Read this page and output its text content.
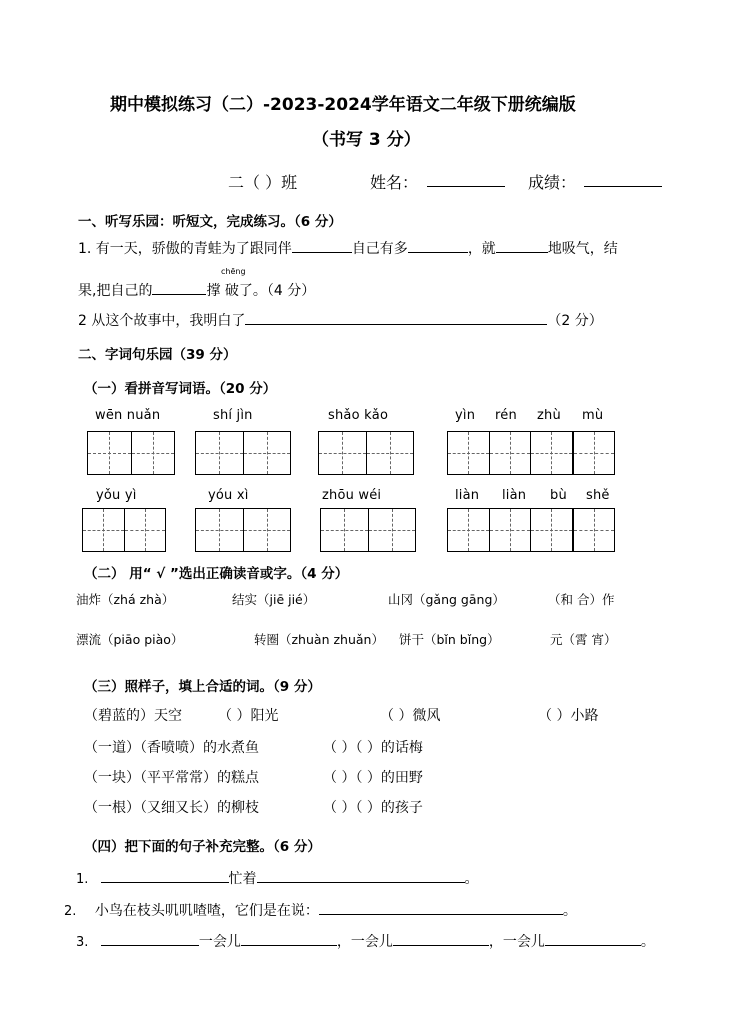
期中模拟练习（二）-2023-2024学年语文二年级下册统编版
（书写 3 分）
二（ ）班	姓名：	成绩：
一、听写乐园：听短文，完成练习。（6 分）
1. 有一天，骄傲的青蛙为了跟同伴	自己有多	，就	地吸气，结
chēng
果,把自己的	撑 破了。（4 分）
2 从这个故事中，我明白了	（2 分）
二、字词句乐园（39 分）
（一）看拼音写词语。（20 分）
wēn nuǎn	shí jìn	shǎo kǎo	yìn rén zhù mù
yǒu yì	yóu xì	zhōu wéi	liàn liàn bù shě
（二） 用“ √ ”选出正确读音或字。（4 分）
油炸（zhá zhà）	结实（jiē jié）	山冈（gǎng gāng）	（和 合）作
漂流（piāo piào）	转圈（zhuàn zhuǎn） 饼干（bǐn bǐng）	元（霄 宵）
（三）照样子，填上合适的词。（9 分）
（碧蓝的）天空	（ ）阳光	（ ）微风	（ ）小路
（一道）（香喷喷）的水煮鱼	（ ）（ ）的话梅
（一块）（平平常常）的糕点	（ ）（ ）的田野
（一根）（又细又长）的柳枝	（ ）（ ）的孩子
（四）把下面的句子补充完整。（6 分）
1.	忙着	。
2. 小鸟在枝头叽叽喳喳，它们是在说：	。
3.	一会儿	，一会儿	，一会儿	。
